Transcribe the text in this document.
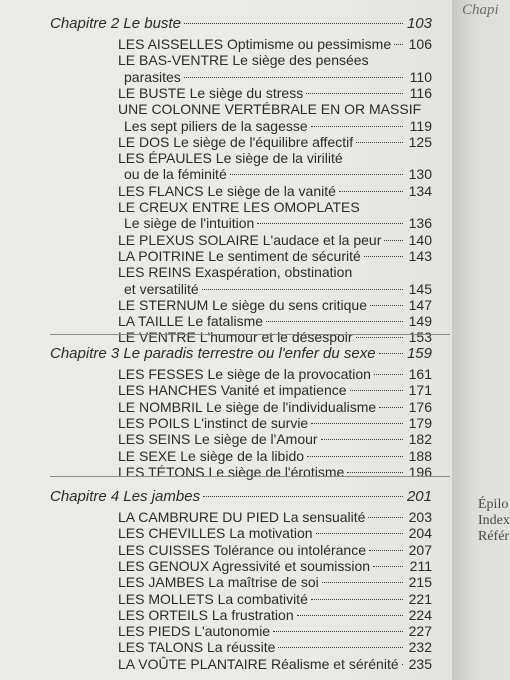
Chapi
Épilo
Index
Référ
Chapitre 2 Le buste	103
LES AISSELLES Optimisme ou pessimisme 106
LE BAS-VENTRE Le siège des pensées
parasites	110
LE BUSTE Le siège du stress	116
UNE COLONNE VERTÉBRALE EN OR MASSIF
Les sept piliers de la sagesse	119
LE DOS Le siège de l'équilibre affectif	125
LES ÉPAULES Le siège de la virilité
ou de la féminité	130
LES FLANCS Le siège de la vanité	134
LE CREUX ENTRE LES OMOPLATES
Le siège de l'intuition	136
LE PLEXUS SOLAIRE L'audace et la peur 140
LA POITRINE Le sentiment de sécurité	143
LES REINS Exaspération, obstination
et versatilité	145
LE STERNUM Le siège du sens critique	147
LA TAILLE Le fatalisme	149
LE VENTRE L'humour et le désespoir	153
Chapitre 3 Le paradis terrestre ou l'enfer du sexe 159
LES FESSES Le siège de la provocation	161
LES HANCHES Vanité et impatience	171
LE NOMBRIL Le siège de l'individualisme 176
LES POILS L'instinct de survie	179
LES SEINS Le siège de l'Amour	182
LE SEXE Le siège de la libido	188
LES TÉTONS Le siège de l'érotisme	196
Chapitre 4 Les jambes	201
LA CAMBRURE DU PIED La sensualité	203
LES CHEVILLES La motivation	204
LES CUISSES Tolérance ou intolérance	207
LES GENOUX Agressivité et soumission	211
LES JAMBES La maîtrise de soi	215
LES MOLLETS La combativité	221
LES ORTEILS La frustration	224
LES PIEDS L'autonomie	227
LES TALONS La réussite	232
LA VOÛTE PLANTAIRE Réalisme et sérénité 235
